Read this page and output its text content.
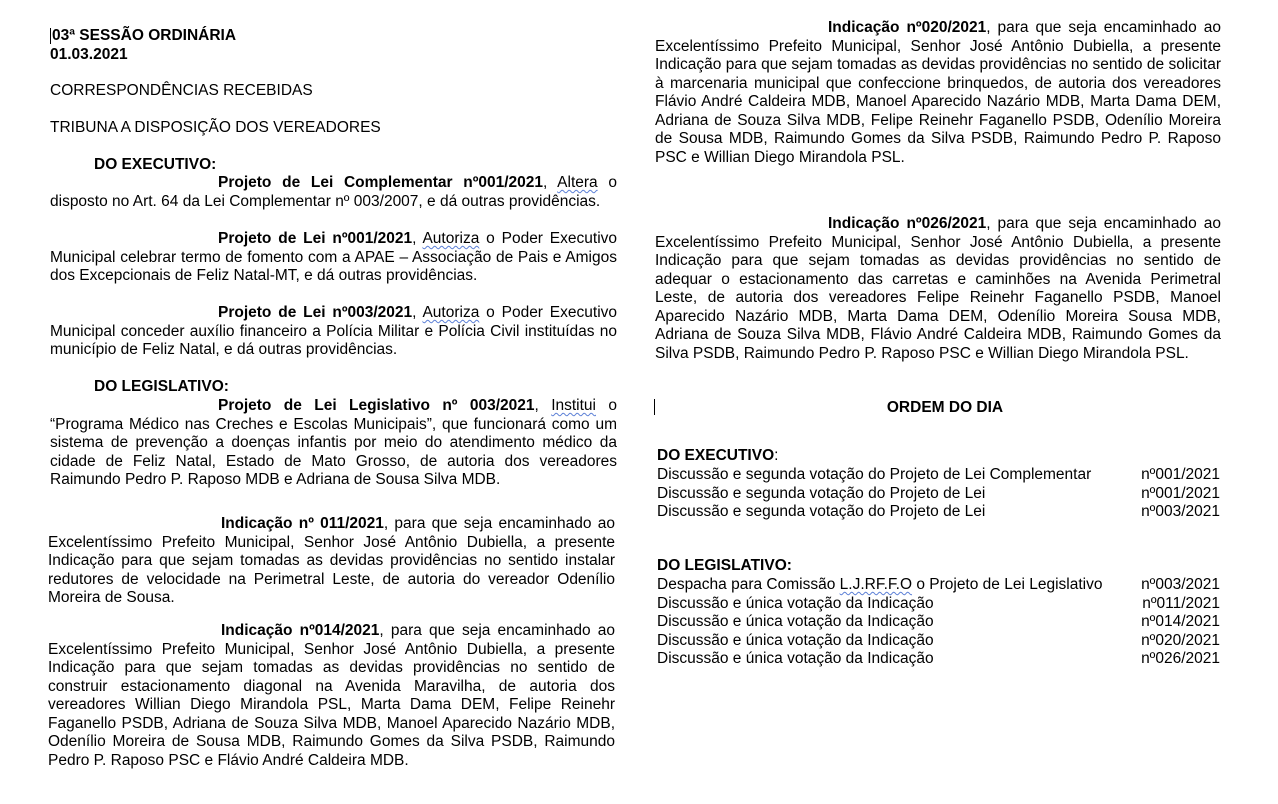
03ª SESSÃO ORDINÁRIA
01.03.2021
CORRESPONDÊNCIAS RECEBIDAS
TRIBUNA A DISPOSIÇÃO DOS VEREADORES
DO EXECUTIVO:
Projeto de Lei Complementar nº001/2021, Altera o disposto no Art. 64 da Lei Complementar nº 003/2007, e dá outras providências.
Projeto de Lei nº001/2021, Autoriza o Poder Executivo Municipal celebrar termo de fomento com a APAE – Associação de Pais e Amigos dos Excepcionais de Feliz Natal-MT, e dá outras providências.
Projeto de Lei nº003/2021, Autoriza o Poder Executivo Municipal conceder auxílio financeiro a Polícia Militar e Polícia Civil instituídas no município de Feliz Natal, e dá outras providências.
DO LEGISLATIVO:
Projeto de Lei Legislativo nº 003/2021, Institui o “Programa Médico nas Creches e Escolas Municipais”, que funcionará como um sistema de prevenção a doenças infantis por meio do atendimento médico da cidade de Feliz Natal, Estado de Mato Grosso, de autoria dos vereadores Raimundo Pedro P. Raposo MDB e Adriana de Sousa Silva MDB.
Indicação nº 011/2021, para que seja encaminhado ao Excelentíssimo Prefeito Municipal, Senhor José Antônio Dubiella, a presente Indicação para que sejam tomadas as devidas providências no sentido instalar redutores de velocidade na Perimetral Leste, de autoria do vereador Odenílio Moreira de Sousa.
Indicação nº014/2021, para que seja encaminhado ao Excelentíssimo Prefeito Municipal, Senhor José Antônio Dubiella, a presente Indicação para que sejam tomadas as devidas providências no sentido de construir estacionamento diagonal na Avenida Maravilha, de autoria dos vereadores Willian Diego Mirandola PSL, Marta Dama DEM, Felipe Reinehr Faganello PSDB, Adriana de Souza Silva MDB, Manoel Aparecido Nazário MDB, Odenílio Moreira de Sousa MDB, Raimundo Gomes da Silva PSDB, Raimundo Pedro P. Raposo PSC e Flávio André Caldeira MDB.
Indicação nº020/2021, para que seja encaminhado ao Excelentíssimo Prefeito Municipal, Senhor José Antônio Dubiella, a presente Indicação para que sejam tomadas as devidas providências no sentido de solicitar à marcenaria municipal que confeccione brinquedos, de autoria dos vereadores Flávio André Caldeira MDB, Manoel Aparecido Nazário MDB, Marta Dama DEM, Adriana de Souza Silva MDB, Felipe Reinehr Faganello PSDB, Odenílio Moreira de Sousa MDB, Raimundo Gomes da Silva PSDB, Raimundo Pedro P. Raposo PSC e Willian Diego Mirandola PSL.
Indicação nº026/2021, para que seja encaminhado ao Excelentíssimo Prefeito Municipal, Senhor José Antônio Dubiella, a presente Indicação para que sejam tomadas as devidas providências no sentido de adequar o estacionamento das carretas e caminhões na Avenida Perimetral Leste, de autoria dos vereadores Felipe Reinehr Faganello PSDB, Manoel Aparecido Nazário MDB, Marta Dama DEM, Odenílio Moreira Sousa MDB, Adriana de Souza Silva MDB, Flávio André Caldeira MDB, Raimundo Gomes da Silva PSDB, Raimundo Pedro P. Raposo PSC e Willian Diego Mirandola PSL.
ORDEM DO DIA
DO EXECUTIVO:
Discussão e segunda votação do Projeto de Lei Complementar	nº001/2021
Discussão e segunda votação do Projeto de Lei	nº001/2021
Discussão e segunda votação do Projeto de Lei	nº003/2021
DO LEGISLATIVO:
Despacha para Comissão L.J.RF.F.O o Projeto de Lei Legislativo nº003/2021
Discussão e única votação da Indicação	nº011/2021
Discussão e única votação da Indicação	nº014/2021
Discussão e única votação da Indicação	nº020/2021
Discussão e única votação da Indicação	nº026/2021
